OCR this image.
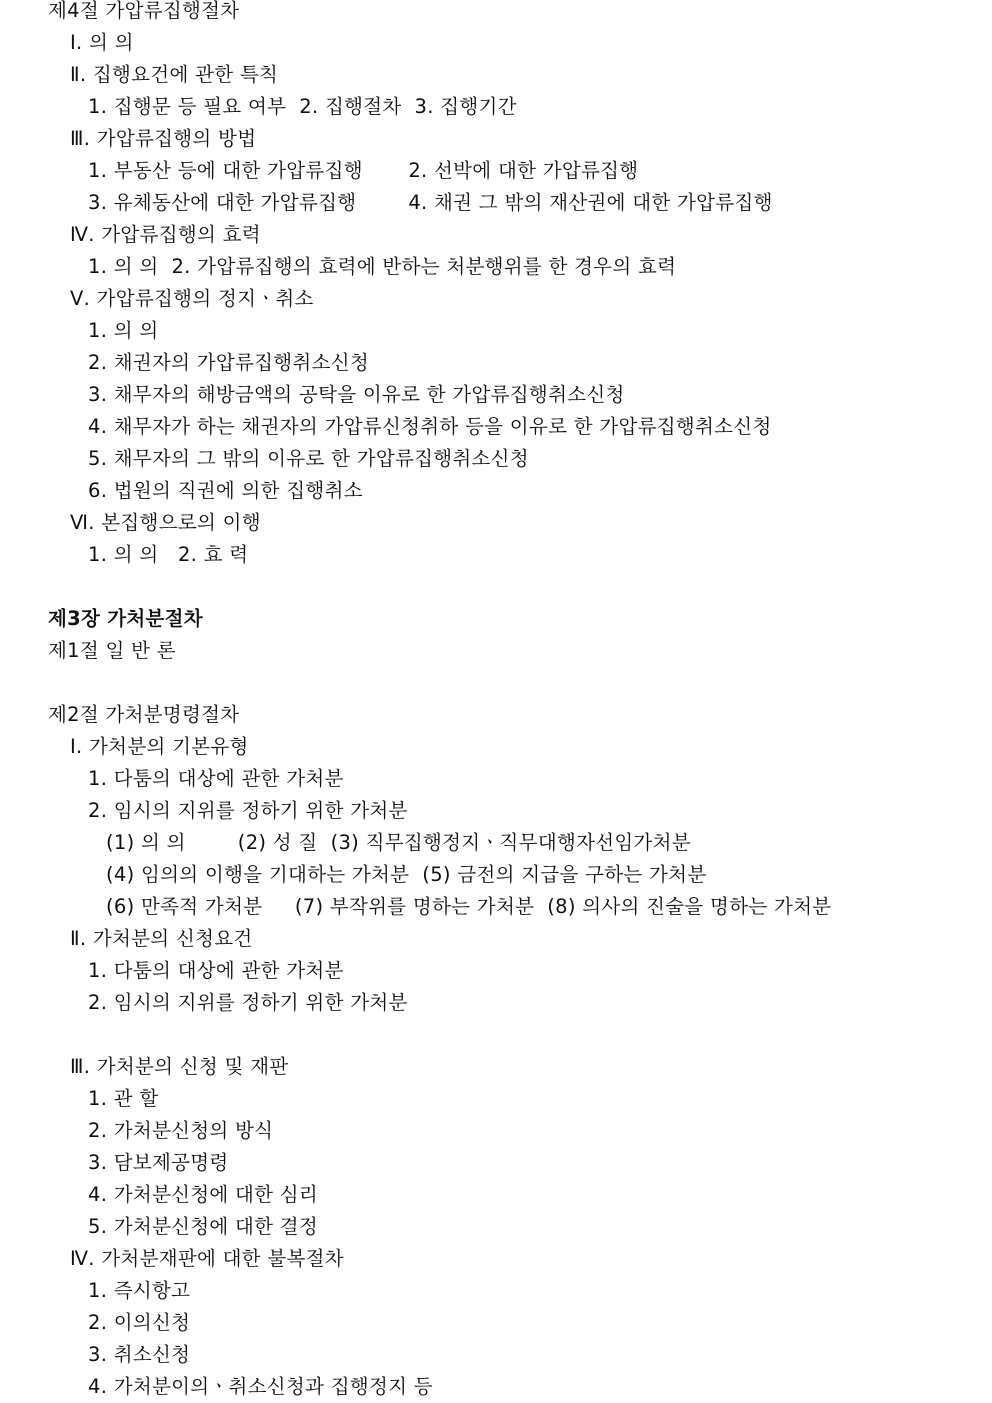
제4절 가압류집행절차
Ⅰ. 의 의
Ⅱ. 집행요건에 관한 특칙
1. 집행문 등 필요 여부  2. 집행절차  3. 집행기간
Ⅲ. 가압류집행의 방법
1. 부동산 등에 대한 가압류집행       2. 선박에 대한 가압류집행
3. 유체동산에 대한 가압류집행        4. 채권 그 밖의 재산권에 대한 가압류집행
Ⅳ. 가압류집행의 효력
1. 의 의  2. 가압류집행의 효력에 반하는 처분행위를 한 경우의 효력
Ⅴ. 가압류집행의 정지ㆍ취소
1. 의 의
2. 채권자의 가압류집행취소신청
3. 채무자의 해방금액의 공탁을 이유로 한 가압류집행취소신청
4. 채무자가 하는 채권자의 가압류신청취하 등을 이유로 한 가압류집행취소신청
5. 채무자의 그 밖의 이유로 한 가압류집행취소신청
6. 법원의 직권에 의한 집행취소
Ⅵ. 본집행으로의 이행
1. 의 의   2. 효 력
제3장 가처분절차
제1절 일 반 론
제2절 가처분명령절차
Ⅰ. 가처분의 기본유형
1. 다툼의 대상에 관한 가처분
2. 임시의 지위를 정하기 위한 가처분
(1) 의 의        (2) 성 질  (3) 직무집행정지ㆍ직무대행자선임가처분
(4) 임의의 이행을 기대하는 가처분  (5) 금전의 지급을 구하는 가처분
(6) 만족적 가처분     (7) 부작위를 명하는 가처분  (8) 의사의 진술을 명하는 가처분
Ⅱ. 가처분의 신청요건
1. 다툼의 대상에 관한 가처분
2. 임시의 지위를 정하기 위한 가처분
Ⅲ. 가처분의 신청 및 재판
1. 관 할
2. 가처분신청의 방식
3. 담보제공명령
4. 가처분신청에 대한 심리
5. 가처분신청에 대한 결정
Ⅳ. 가처분재판에 대한 불복절차
1. 즉시항고
2. 이의신청
3. 취소신청
4. 가처분이의ㆍ취소신청과 집행정지 등
